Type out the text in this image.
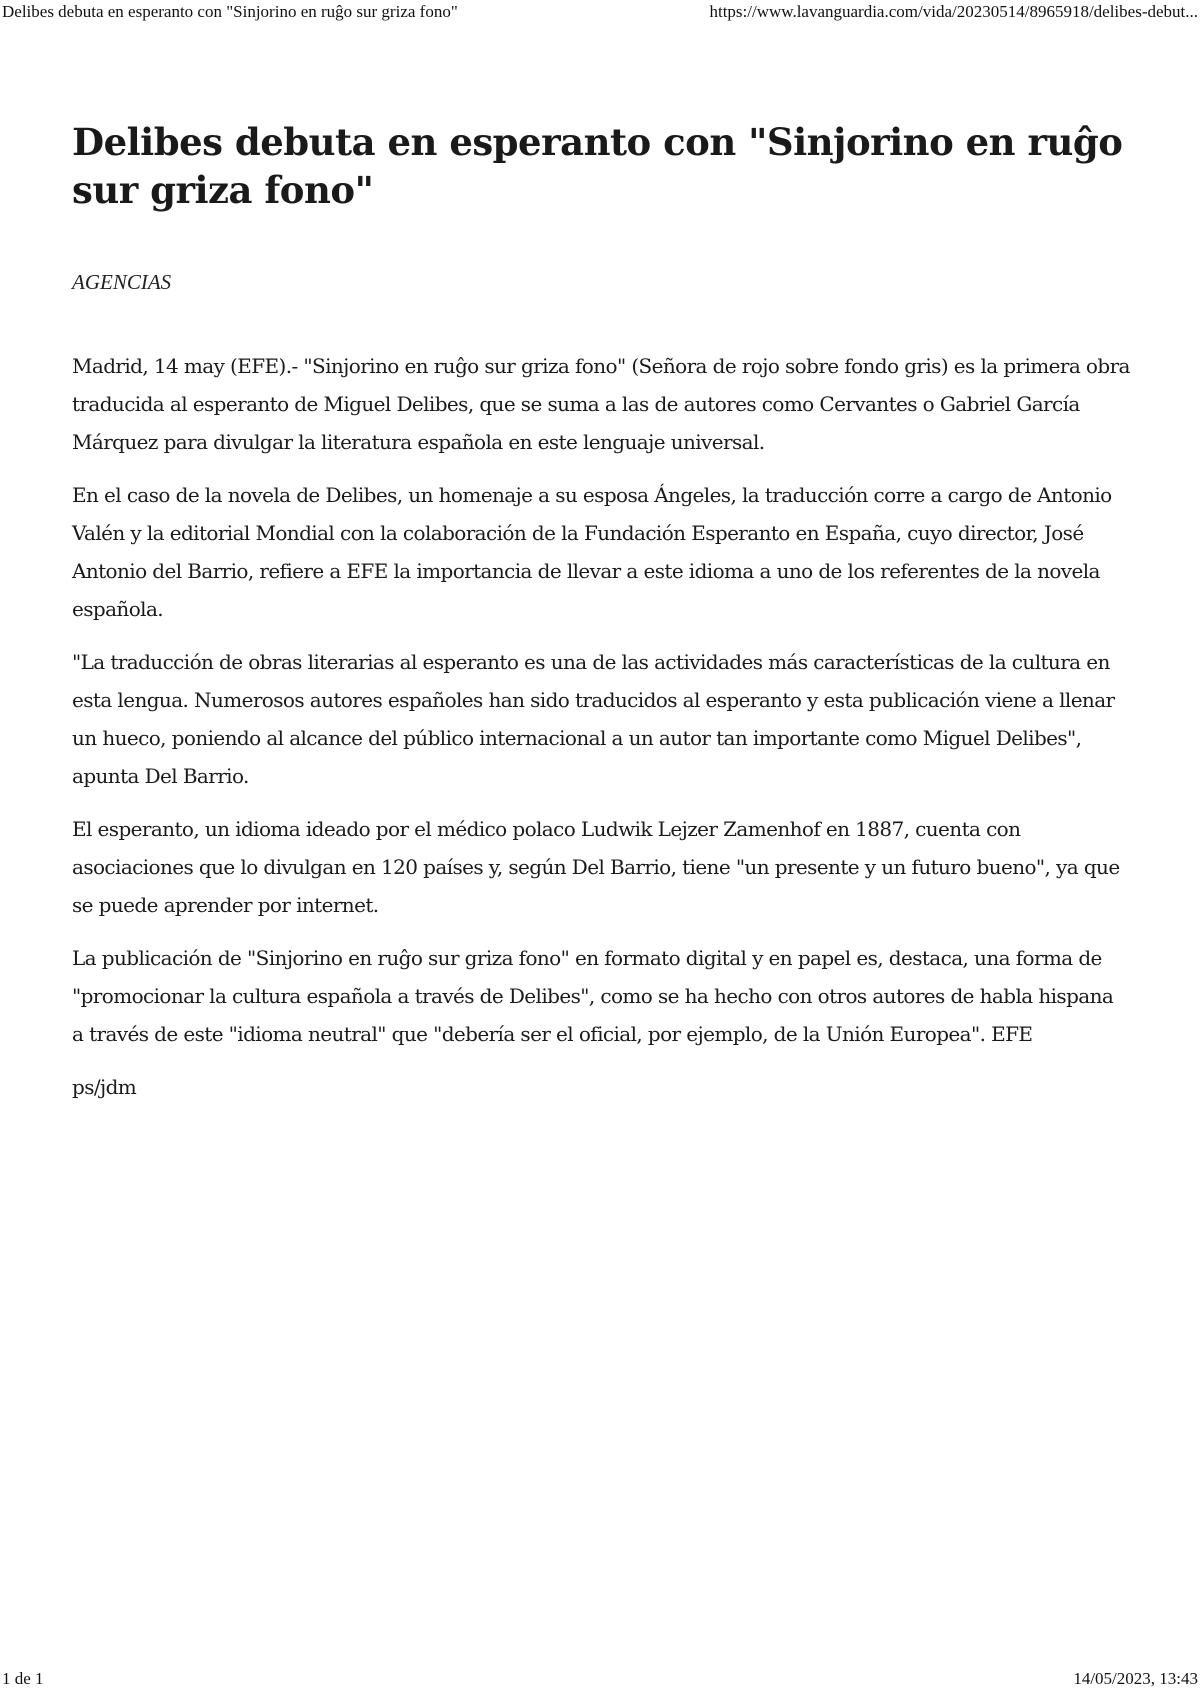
Delibes debuta en esperanto con "Sinjorino en ruĝo sur griza fono"	https://www.lavanguardia.com/vida/20230514/8965918/delibes-debut...
Delibes debuta en esperanto con "Sinjorino en ruĝo sur griza fono"
AGENCIAS

Madrid, 14 may (EFE).- "Sinjorino en ruĝo sur griza fono" (Señora de rojo sobre fondo gris) es la primera obra traducida al esperanto de Miguel Delibes, que se suma a las de autores como Cervantes o Gabriel García Márquez para divulgar la literatura española en este lenguaje universal.

En el caso de la novela de Delibes, un homenaje a su esposa Ángeles, la traducción corre a cargo de Antonio Valén y la editorial Mondial con la colaboración de la Fundación Esperanto en España, cuyo director, José Antonio del Barrio, refiere a EFE la importancia de llevar a este idioma a uno de los referentes de la novela española.

"La traducción de obras literarias al esperanto es una de las actividades más características de la cultura en esta lengua. Numerosos autores españoles han sido traducidos al esperanto y esta publicación viene a llenar un hueco, poniendo al alcance del público internacional a un autor tan importante como Miguel Delibes", apunta Del Barrio.

El esperanto, un idioma ideado por el médico polaco Ludwik Lejzer Zamenhof en 1887, cuenta con asociaciones que lo divulgan en 120 países y, según Del Barrio, tiene "un presente y un futuro bueno", ya que se puede aprender por internet.

La publicación de "Sinjorino en ruĝo sur griza fono" en formato digital y en papel es, destaca, una forma de "promocionar la cultura española a través de Delibes", como se ha hecho con otros autores de habla hispana a través de este "idioma neutral" que "debería ser el oficial, por ejemplo, de la Unión Europea". EFE

ps/jdm

1 de 1	14/05/2023, 13:43
